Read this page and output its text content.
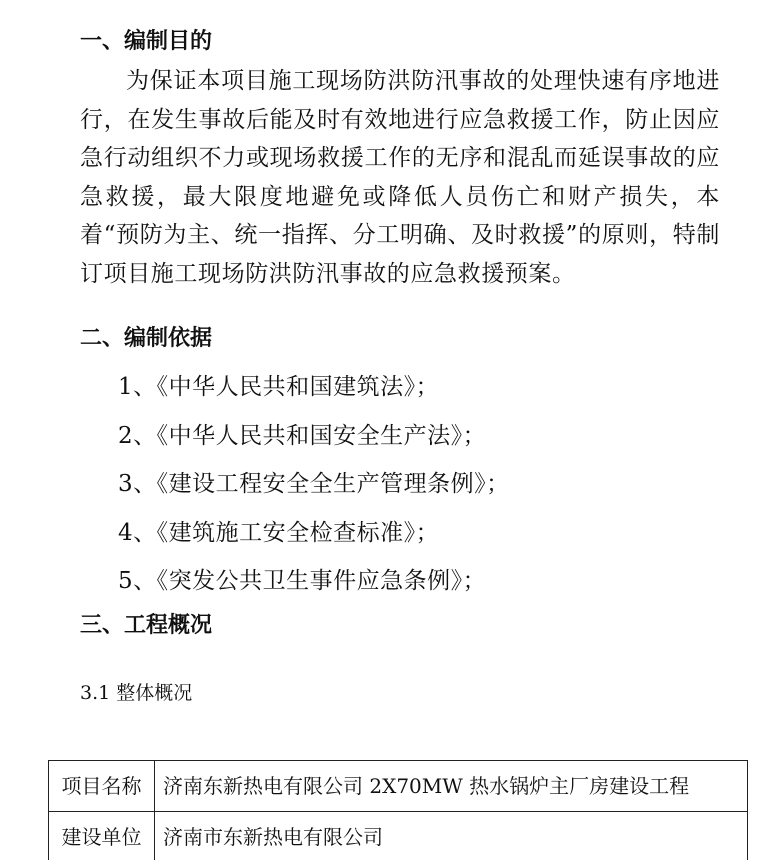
一、编制目的
为保证本项目施工现场防洪防汛事故的处理快速有序地进行，在发生事故后能及时有效地进行应急救援工作，防止因应急行动组织不力或现场救援工作的无序和混乱而延误事故的应急救援，最大限度地避免或降低人员伤亡和财产损失，本着“预防为主、统一指挥、分工明确、及时救援”的原则，特制订项目施工现场防洪防汛事故的应急救援预案。
二、编制依据
1、《中华人民共和国建筑法》；
2、《中华人民共和国安全生产法》；
3、《建设工程安全全生产管理条例》；
4、《建筑施工安全检查标准》；
5、《突发公共卫生事件应急条例》；
三、工程概况
3.1 整体概况
项目名称	济南东新热电有限公司 2X70MW 热水锅炉主厂房建设工程
建设单位	济南市东新热电有限公司
